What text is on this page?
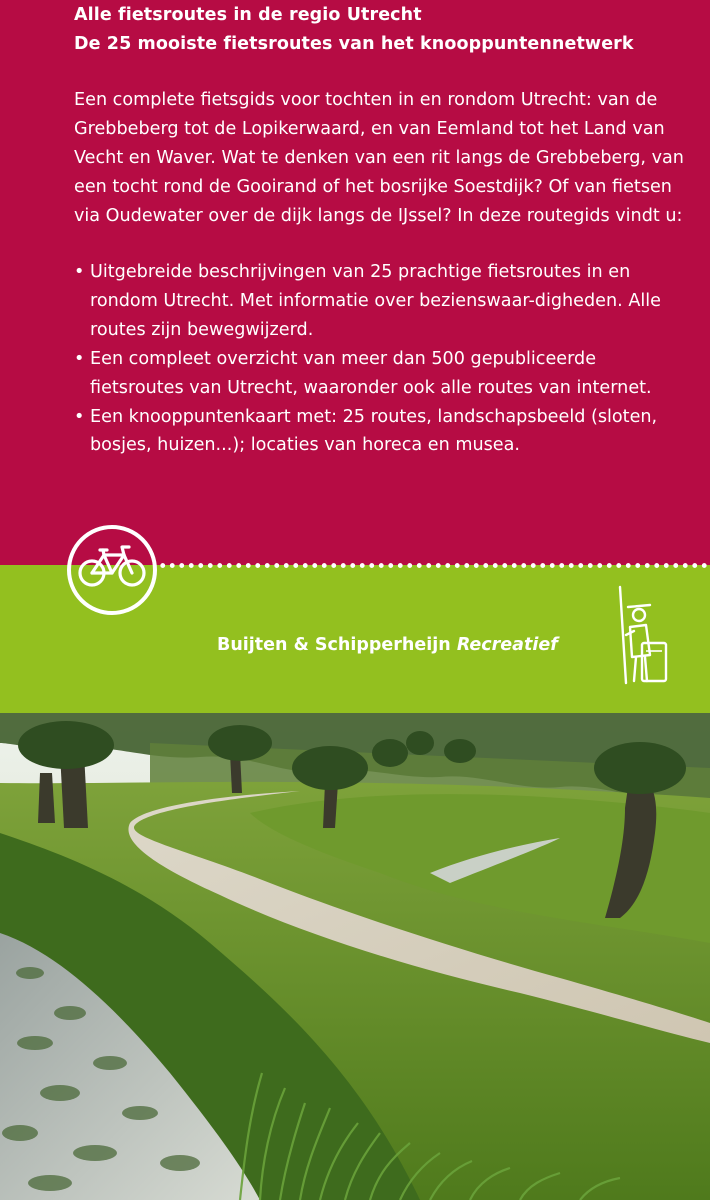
Alle fietsroutes in de regio Utrecht
De 25 mooiste fietsroutes van het knooppuntennetwerk

Een complete fietsgids voor tochten in en rondom Utrecht: van de Grebbeberg tot de Lopikerwaard, en van Eemland tot het Land van Vecht en Waver. Wat te denken van een rit langs de Grebbeberg, van een tocht rond de Gooirand of het bosrijke Soestdijk? Of van fietsen via Oudewater over de dijk langs de IJssel? In deze routegids vindt u:

• Uitgebreide beschrijvingen van 25 prachtige fietsroutes in en rondom Utrecht. Met informatie over bezienswaar-digheden. Alle routes zijn bewegwijzerd.
• Een compleet overzicht van meer dan 500 gepubliceerde fietsroutes van Utrecht, waaronder ook alle routes van internet.
• Een knooppuntenkaart met: 25 routes, landschapsbeeld (sloten, bosjes, huizen...); locaties van horeca en musea.
Buijten & Schipperheijn Recreatief
